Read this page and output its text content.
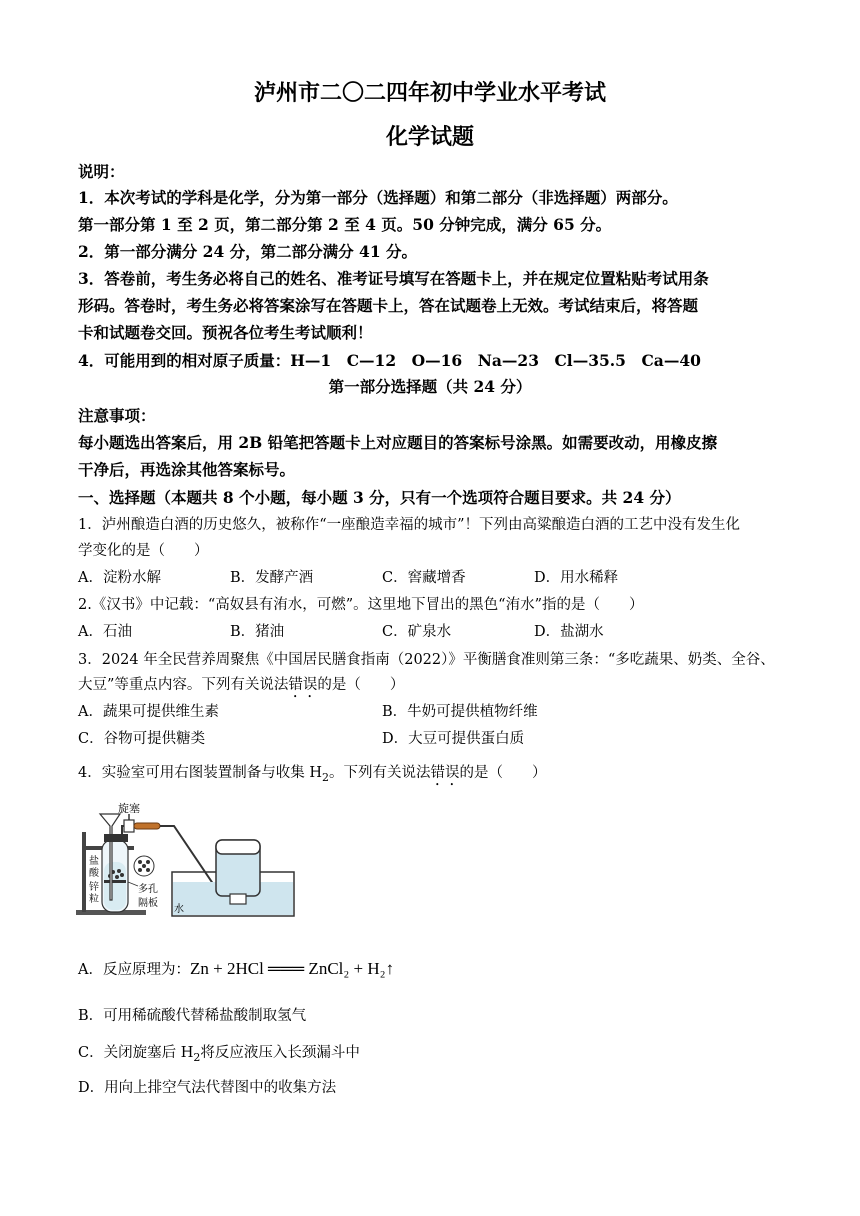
泸州市二〇二四年初中学业水平考试
化学试题
说明：
1．本次考试的学科是化学，分为第一部分（选择题）和第二部分（非选择题）两部分。
第一部分第 1 至 2 页，第二部分第 2 至 4 页。50 分钟完成，满分 65 分。
2．第一部分满分 24 分，第二部分满分 41 分。
3．答卷前，考生务必将自己的姓名、准考证号填写在答题卡上，并在规定位置粘贴考试用条
形码。答卷时，考生务必将答案涂写在答题卡上，答在试题卷上无效。考试结束后，将答题
卡和试题卷交回。预祝各位考生考试顺利！
4．可能用到的相对原子质量：H—1　C—12　O—16　Na—23　Cl—35.5　Ca—40
第一部分选择题（共 24 分）
注意事项：
每小题选出答案后，用 2B 铅笔把答题卡上对应题目的答案标号涂黑。如需要改动，用橡皮擦
干净后，再选涂其他答案标号。
一、选择题（本题共 8 个小题，每小题 3 分，只有一个选项符合题目要求。共 24 分）
1．泸州酿造白酒的历史悠久，被称作“一座酿造幸福的城市”！下列由高粱酿造白酒的工艺中没有发生化
学变化的是（　　）
A．淀粉水解	B．发酵产酒	C．窖藏增香	D．用水稀释
2.《汉书》中记载：“高奴县有洧水，可燃”。这里地下冒出的黑色“洧水”指的是（　　）
A．石油	B．猪油	C．矿泉水	D．盐湖水
3．2024 年全民营养周聚焦《中国居民膳食指南（2022）》平衡膳食准则第三条：“多吃蔬果、奶类、全谷、
大豆”等重点内容。下列有关说法错误的是（　　）
A．蔬果可提供维生素	B．牛奶可提供植物纤维
C．谷物可提供糖类	D．大豆可提供蛋白质
4．实验室可用右图装置制备与收集 $H_2$。下列有关说法错误的是（　　）
旋塞
盐
酸
锌
粒
多孔
隔板
水
A．反应原理为：Zn + 2HCl ═══ ZnCl₂ + H₂↑
B．可用稀硫酸代替稀盐酸制取氢气
C．关闭旋塞后 $H_2$将反应液压入长颈漏斗中
D．用向上排空气法代替图中的收集方法
